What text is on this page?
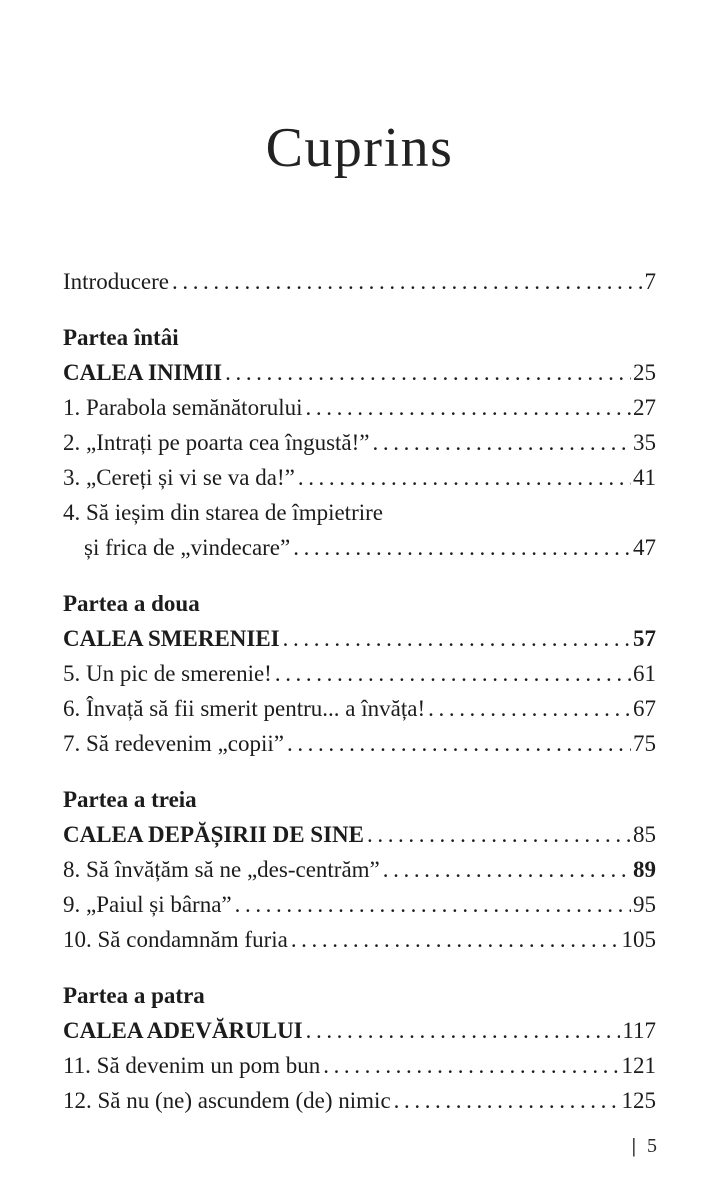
Cuprins
Introducere .....	7
Partea întâi
CALEA INIMII .....	25
1. Parabola semănătorului .....	27
2. „Intrați pe poarta cea îngustă!” .....	35
3. „Cereți și vi se va da!” .....	41
4. Să ieșim din starea de împietrire
și frica de „vindecare” .....	47
Partea a doua
CALEA SMERENIEI .....	57
5. Un pic de smerenie! .....	61
6. Învață să fii smerit pentru... a învăța! .....	67
7. Să redevenim „copii” .....	75
Partea a treia
CALEA DEPĂȘIRII DE SINE .....	85
8. Să învățăm să ne „des-centrăm” .....	89
9. „Paiul și bârna” .....	95
10. Să condamnăm furia .....	105
Partea a patra
CALEA ADEVĂRULUI .....	117
11. Să devenim un pom bun .....	121
12. Să nu (ne) ascundem (de) nimic .....	125
| 5
